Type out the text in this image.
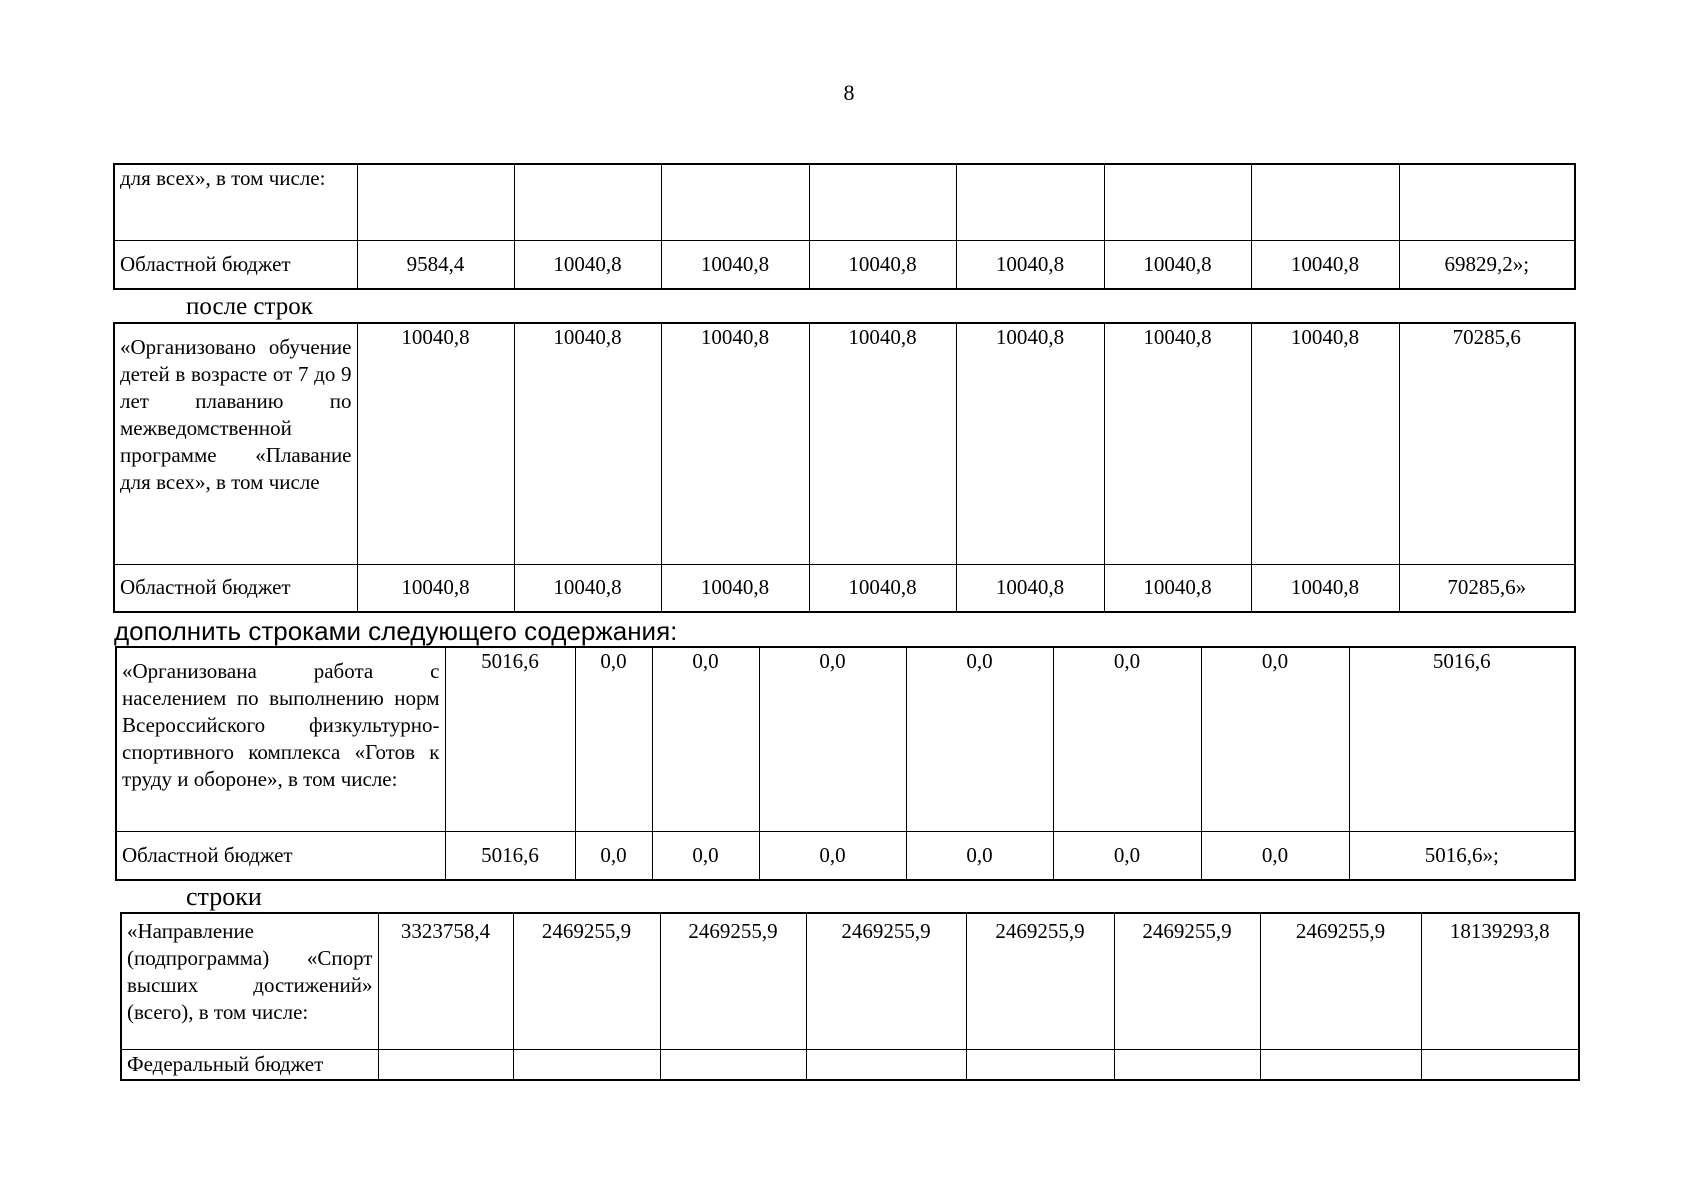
8
для всех», в том числе:								
Областной бюджет	9584,4	10040,8	10040,8	10040,8	10040,8	10040,8	10040,8	69829,2»;
после строк
«Организовано обучение детей в возрасте от 7 до 9 лет плаванию по межведомственной программе «Плавание для всех», в том числе	10040,8	10040,8	10040,8	10040,8	10040,8	10040,8	10040,8	70285,6
Областной бюджет	10040,8	10040,8	10040,8	10040,8	10040,8	10040,8	10040,8	70285,6»
дополнить строками следующего содержания:
«Организована работа с населением по выполнению норм Всероссийского физкультурно-спортивного комплекса «Готов к труду и обороне», в том числе:	5016,6	0,0	0,0	0,0	0,0	0,0	0,0	5016,6
Областной бюджет	5016,6	0,0	0,0	0,0	0,0	0,0	0,0	5016,6»;
строки
«Направление (подпрограмма) «Спорт высших достижений» (всего), в том числе:	3323758,4	2469255,9	2469255,9	2469255,9	2469255,9	2469255,9	2469255,9	18139293,8
Федеральный бюджет								
